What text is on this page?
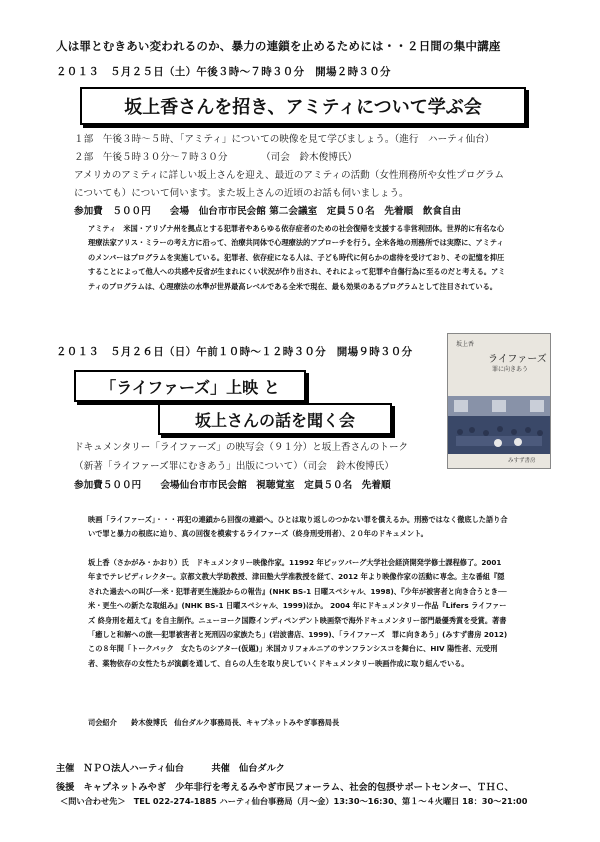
人は罪とむきあい変われるのか、暴力の連鎖を止めるためには・・２日間の集中講座
２０１３　５月２５日（土）午後３時～７時３０分　開場２時３０分
坂上香さんを招き、アミティについて学ぶ会
１部　午後３時～５時、「アミティ」についての映像を見て学びましょう。（進行　ハーティ仙台）
２部　午後５時３０分～７時３０分　　　　（司会　鈴木俊博氏）
アメリカのアミティに詳しい坂上さんを迎え、最近のアミティの活動（女性刑務所や女性プログラム
についても）について伺います。また坂上さんの近頃のお話も伺いましょう。
参加費　５００円　　会場　仙台市市民会館 第二会議室　定員５０名　先着順　飲食自由
アミティ　米国・アリゾナ州を拠点とする犯罪者やあらゆる依存症者のための社会復帰を支援する非営利団体。世界的に有名な心理療法家アリス・ミラーの考え方に沿って、治療共同体で心理療法的アプローチを行う。全米各地の刑務所では実際に、アミティのメンバーはプログラムを実施している。犯罪者、依存症になる人は、子ども時代に何らかの虐待を受けており、その記憶を抑圧することによって他人への共感や反省が生まれにくい状況が作り出され、それによって犯罪や自傷行為に至るのだと考える。アミティのプログラムは、心理療法の水準が世界最高レベルである全米で現在、最も効果のあるプログラムとして注目されている。
２０１３　５月２６日（日）午前１０時～１２時３０分　開場９時３０分
「ライファーズ」上映 と
坂上さんの話を聞く会
坂上香
ライファーズ
罪に向きあう
みすず書房
ドキュメンタリー「ライファーズ」の映写会（９１分）と坂上香さんのトーク
（新著「ライファーズ罪にむきあう」出版について）（司会　鈴木俊博氏）
参加費５００円　　会場仙台市市民会館　視聴覚室　定員５０名　先着順
映画「ライファーズ」・・・再犯の連鎖から回復の連鎖へ。ひとは取り返しのつかない罪を償えるか。刑務ではなく徹底した語り合いで罪と暴力の根底に迫り、真の回復を模索するライファーズ（終身刑受刑者）、２０年のドキュメント。
坂上香（さかがみ・かおり）氏　ドキュメンタリー映像作家。11992 年ピッツバーグ大学社会経済開発学修士課程修了。2001 年までテレビディレクター。京都文教大学助教授、津田塾大学准教授を経て、2012 年より映像作家の活動に専念。主な番組『隠された過去への叫び──米・犯罪者更生施設からの報告』(NHK BS-1 日曜スペシャル、1998)、『少年が被害者と向き合うとき──米・更生への新たな取組み』(NHK BS-1 日曜スペシャル、1999)ほか。 2004 年にドキュメンタリー作品『Lifers ライファーズ 終身刑を超えて』を自主制作。ニューヨーク国際インディペンデント映画祭で海外ドキュメンタリー部門最優秀賞を受賞。著書「癒しと和解への旅──犯罪被害者と死刑囚の家族たち」(岩波書店、1999)、「ライファーズ　罪に向きあう」(みすず書房 2012) この８年間「トークバック　女たちのシアター(仮題)」米国カリフォルニアのサンフランシスコを舞台に、HIV 陽性者、元受刑者、薬物依存の女性たちが演劇を通して、自らの人生を取り戻していくドキュメンタリー映画作成に取り組んでいる。
司会紹介　　鈴木俊博氏　仙台ダルク事務局長、キャプネットみやぎ事務局長
主催　ＮＰＯ法人ハーティ仙台　　　共催　仙台ダルク
後援　キャプネットみやぎ　少年非行を考えるみやぎ市民フォーラム、社会的包摂サポートセンター、ＴＨＣ、
＜問い合わせ先＞　TEL 022-274-1885 ハーティ仙台事務局（月～金）13:30～16:30、第１～４火曜日 18：30～21:00
